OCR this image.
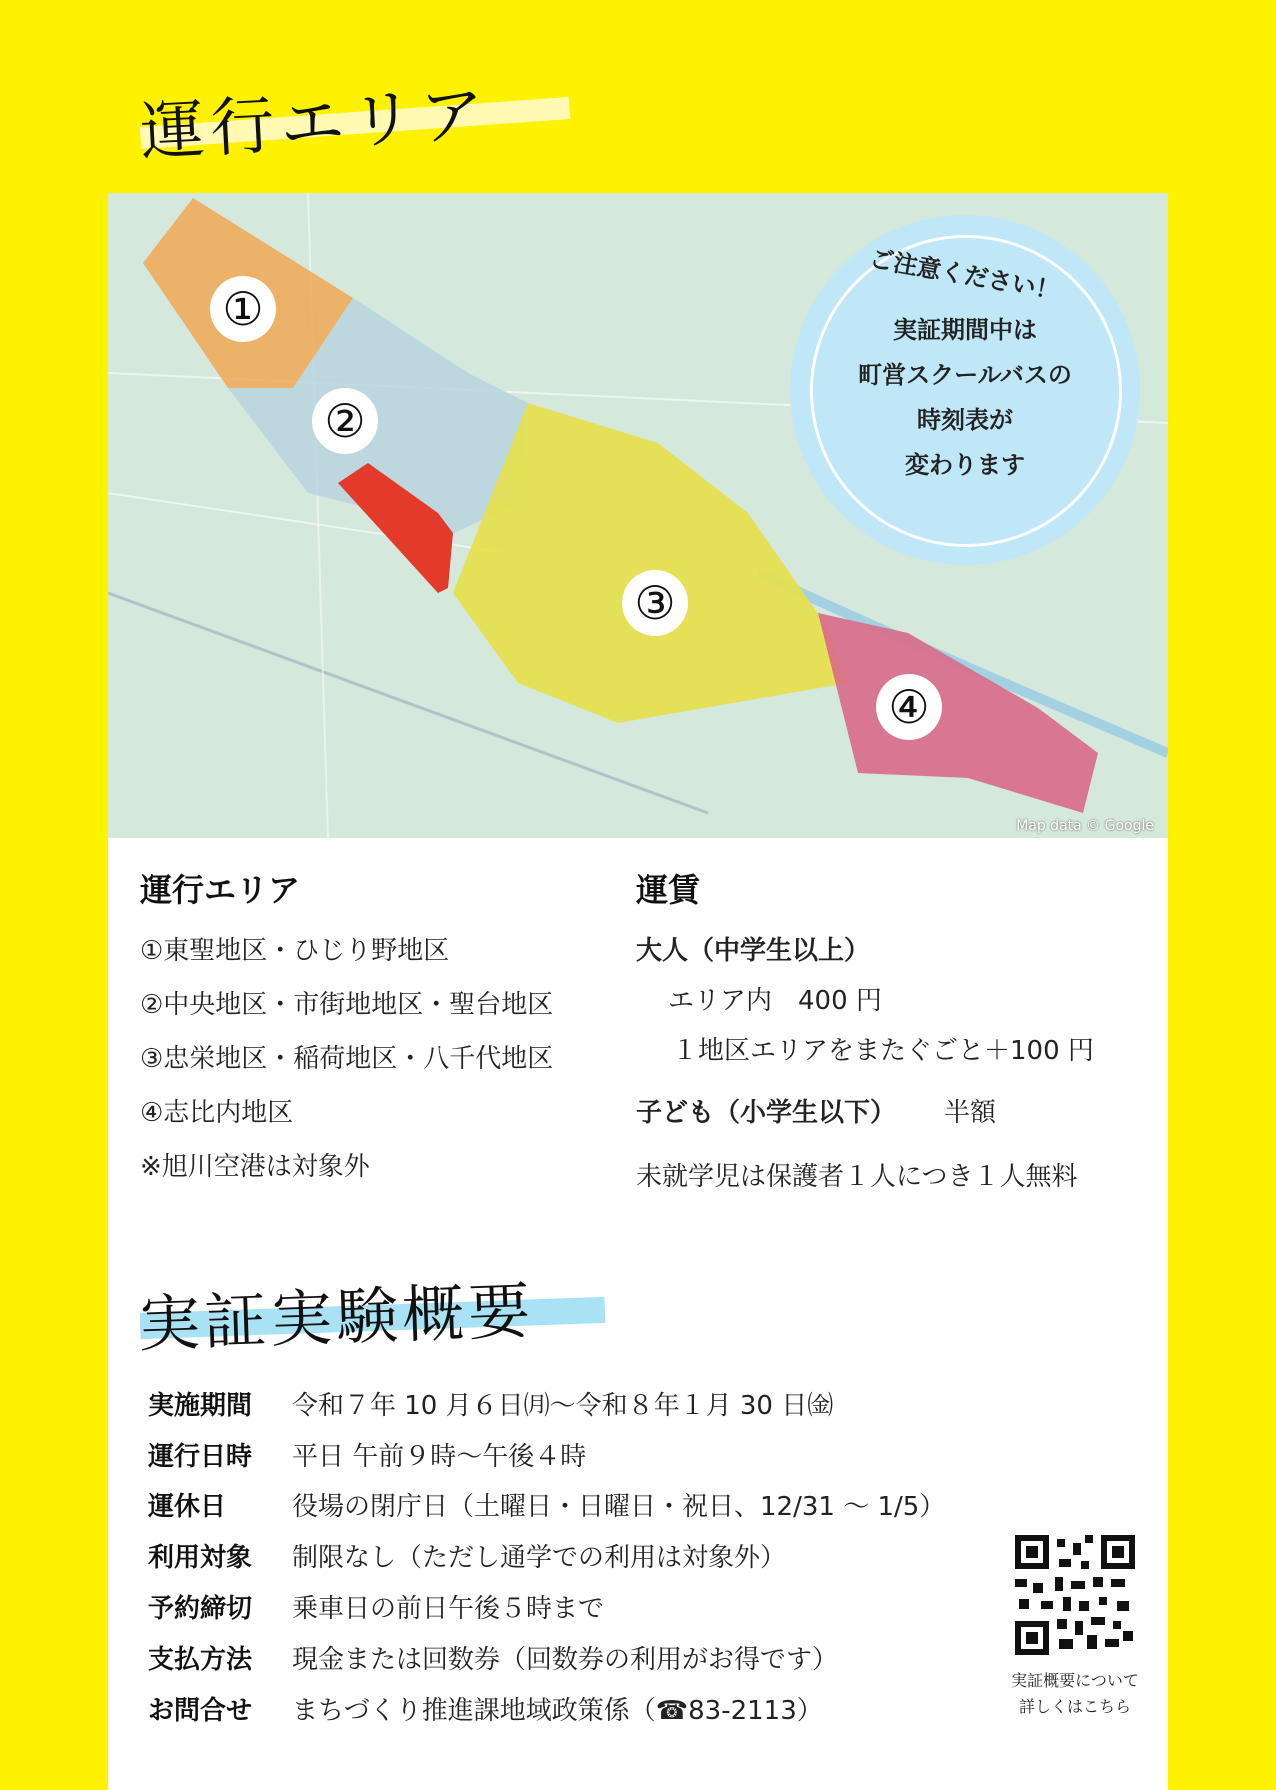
運行エリア
Map data © Google
①
②
③
④
ご注意ください！
実証期間中は
町営スクールバスの
時刻表が
変わります
運行エリア
①東聖地区・ひじり野地区
②中央地区・市街地地区・聖台地区
③忠栄地区・稲荷地区・八千代地区
④志比内地区
※旭川空港は対象外
運賃
大人（中学生以上）
エリア内　400 円
１地区エリアをまたぐごと＋100 円
子ども（小学生以下） 半額
未就学児は保護者１人につき１人無料
実証実験概要
実施期間 令和７年 10 月６日㈪〜令和８年１月 30 日㈮
運行日時 平日 午前９時〜午後４時
運休日	役場の閉庁日（土曜日・日曜日・祝日、12/31 〜 1/5）
利用対象 制限なし（ただし通学での利用は対象外）
予約締切 乗車日の前日午後５時まで
支払方法 現金または回数券（回数券の利用がお得です）
お問合せ まちづくり推進課地域政策係（☎83-2113）
実証概要について
詳しくはこちら
